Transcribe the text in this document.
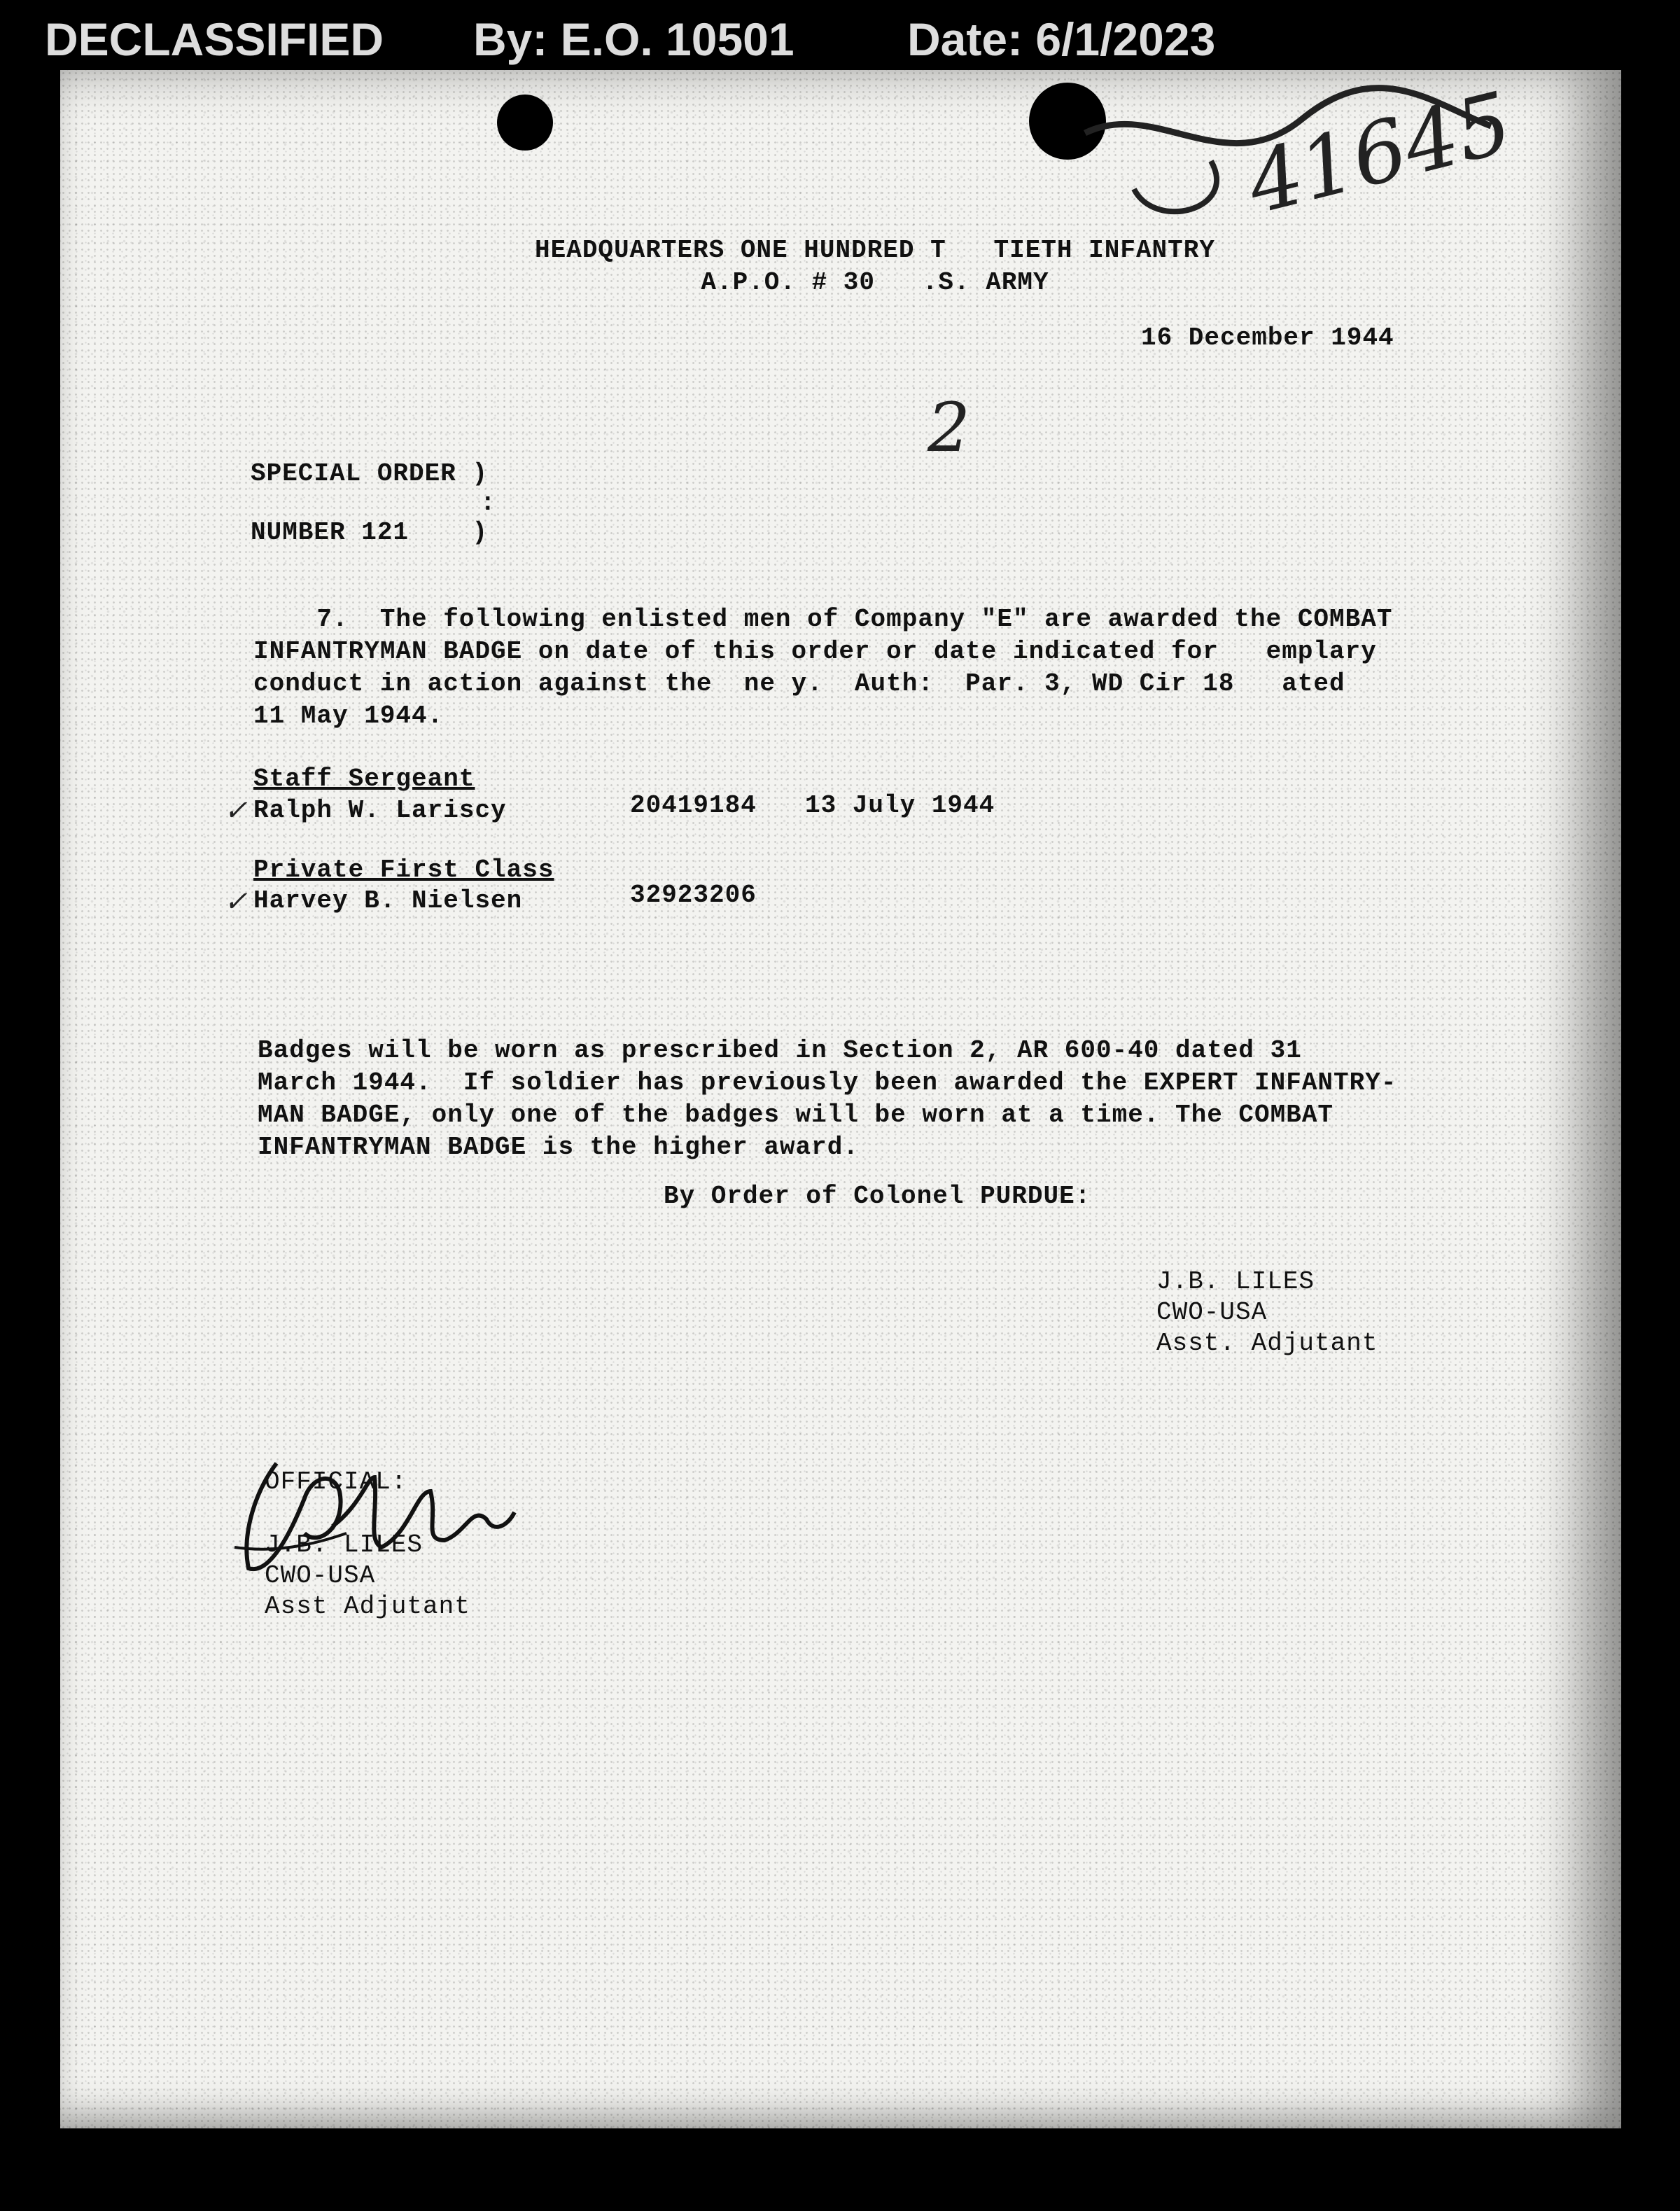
DECLASSIFIED By: E.O. 10501 Date: 6/1/2023
41645
HEADQUARTERS ONE HUNDRED T   TIETH INFANTRY
A.P.O. # 30   .S. ARMY
16 December 1944
2
SPECIAL ORDER )
:
NUMBER 121    )
7.  The following enlisted men of Company "E" are awarded the COMBAT
INFANTRYMAN BADGE on date of this order or date indicated for   emplary
conduct in action against the  ne y.  Auth:  Par. 3, WD Cir 18   ated
11 May 1944.
Staff Sergeant
Ralph W. Lariscy	20419184 13 July 1944
✓
Private First Class
Harvey B. Nielsen	32923206
✓
Badges will be worn as prescribed in Section 2, AR 600-40 dated 31
March 1944.  If soldier has previously been awarded the EXPERT INFANTRY-
MAN BADGE, only one of the badges will be worn at a time. The COMBAT
INFANTRYMAN BADGE is the higher award.
By Order of Colonel PURDUE:
J.B. LILES
CWO-USA
Asst. Adjutant
OFFICIAL:
J.B. LILES
CWO-USA
Asst Adjutant
